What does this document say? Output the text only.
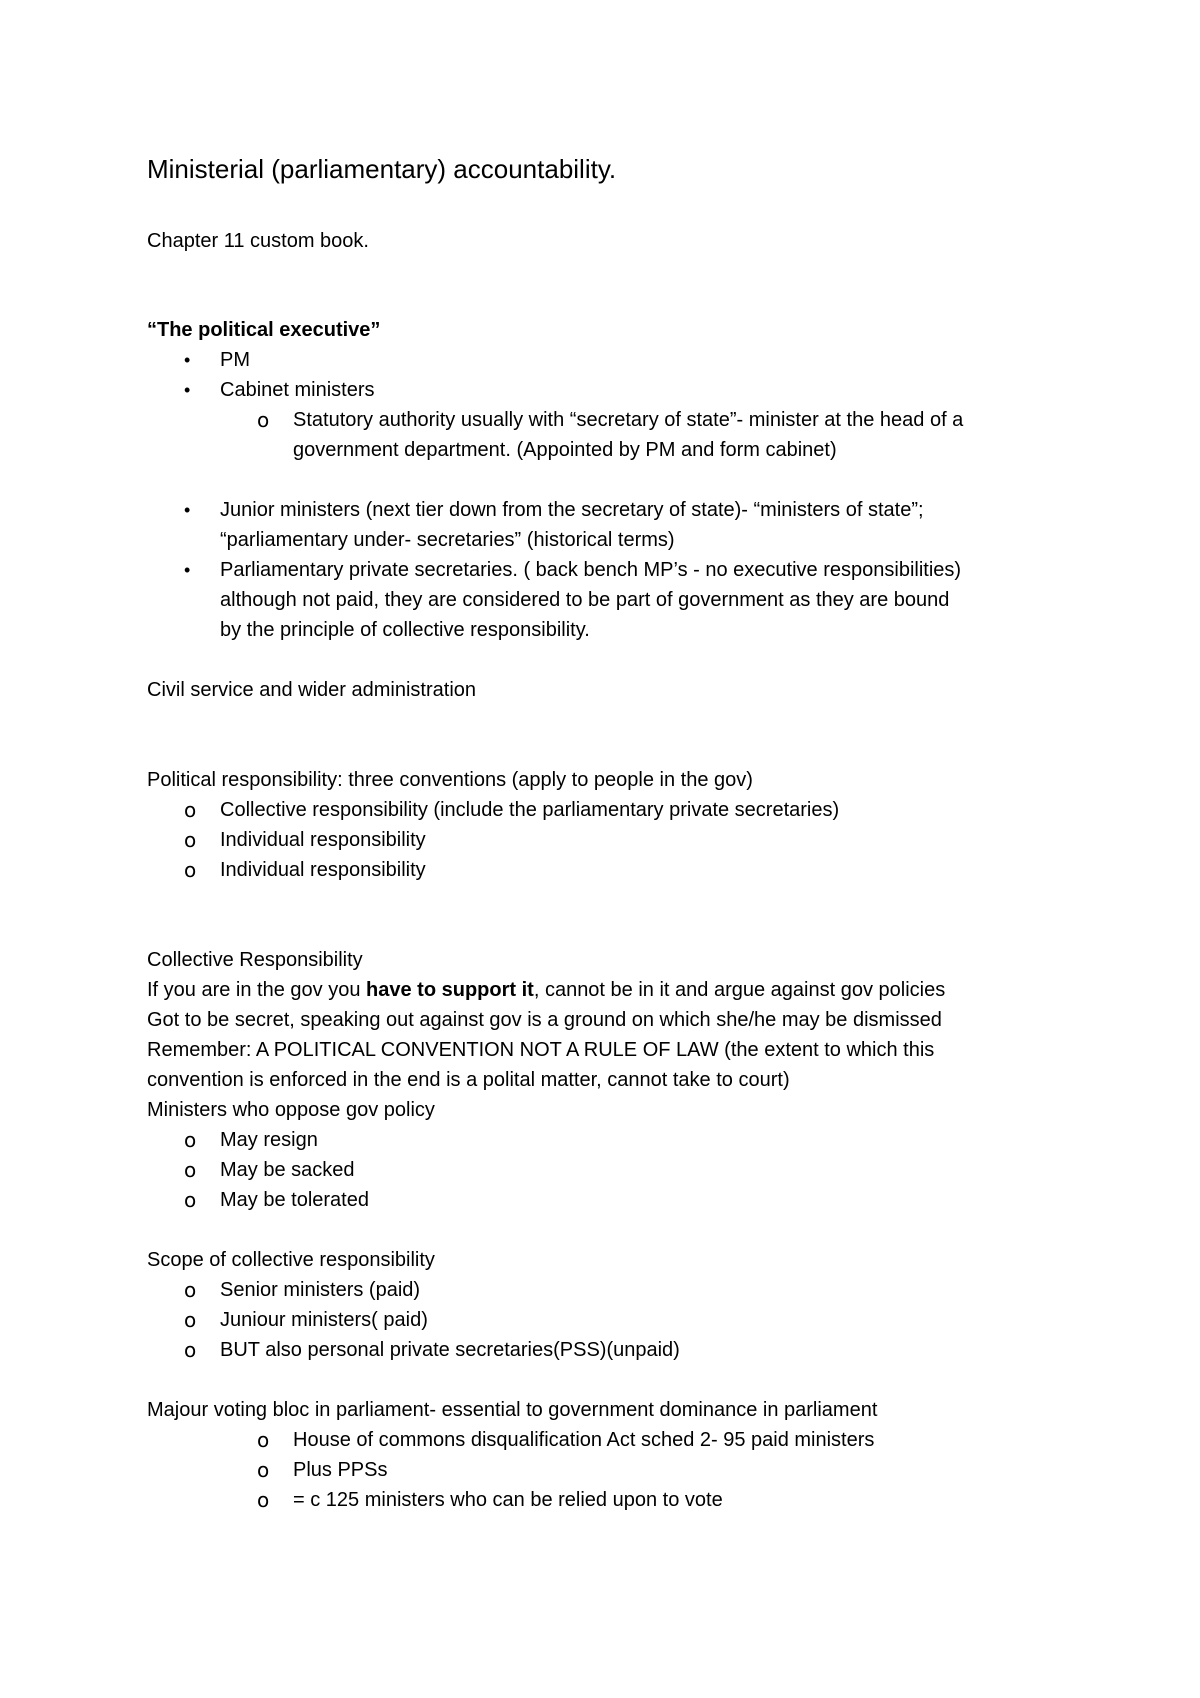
Ministerial (parliamentary) accountability.
Chapter 11 custom book.
“The political executive”
• PM
• Cabinet ministers
o Statutory authority usually with “secretary of state”- minister at the head of a
government department. (Appointed by PM and form cabinet)
• Junior ministers (next tier down from the secretary of state)- “ministers of state”;
“parliamentary under- secretaries” (historical terms)
• Parliamentary private secretaries. ( back bench MP’s - no executive responsibilities)
although not paid, they are considered to be part of government as they are bound
by the principle of collective responsibility.
Civil service and wider administration
Political responsibility: three conventions (apply to people in the gov)
o Collective responsibility (include the parliamentary private secretaries)
o Individual responsibility
o Individual responsibility
Collective Responsibility
If you are in the gov you have to support it, cannot be in it and argue against gov policies
Got to be secret, speaking out against gov is a ground on which she/he may be dismissed
Remember: A POLITICAL CONVENTION NOT A RULE OF LAW (the extent to which this
convention is enforced in the end is a polital matter, cannot take to court)
Ministers who oppose gov policy
o May resign
o May be sacked
o May be tolerated
Scope of collective responsibility
o Senior ministers (paid)
o Juniour ministers( paid)
o BUT also personal private secretaries(PSS)(unpaid)
Majour voting bloc in parliament- essential to government dominance in parliament
o House of commons disqualification Act sched 2- 95 paid ministers
o Plus PPSs
o = c 125 ministers who can be relied upon to vote
